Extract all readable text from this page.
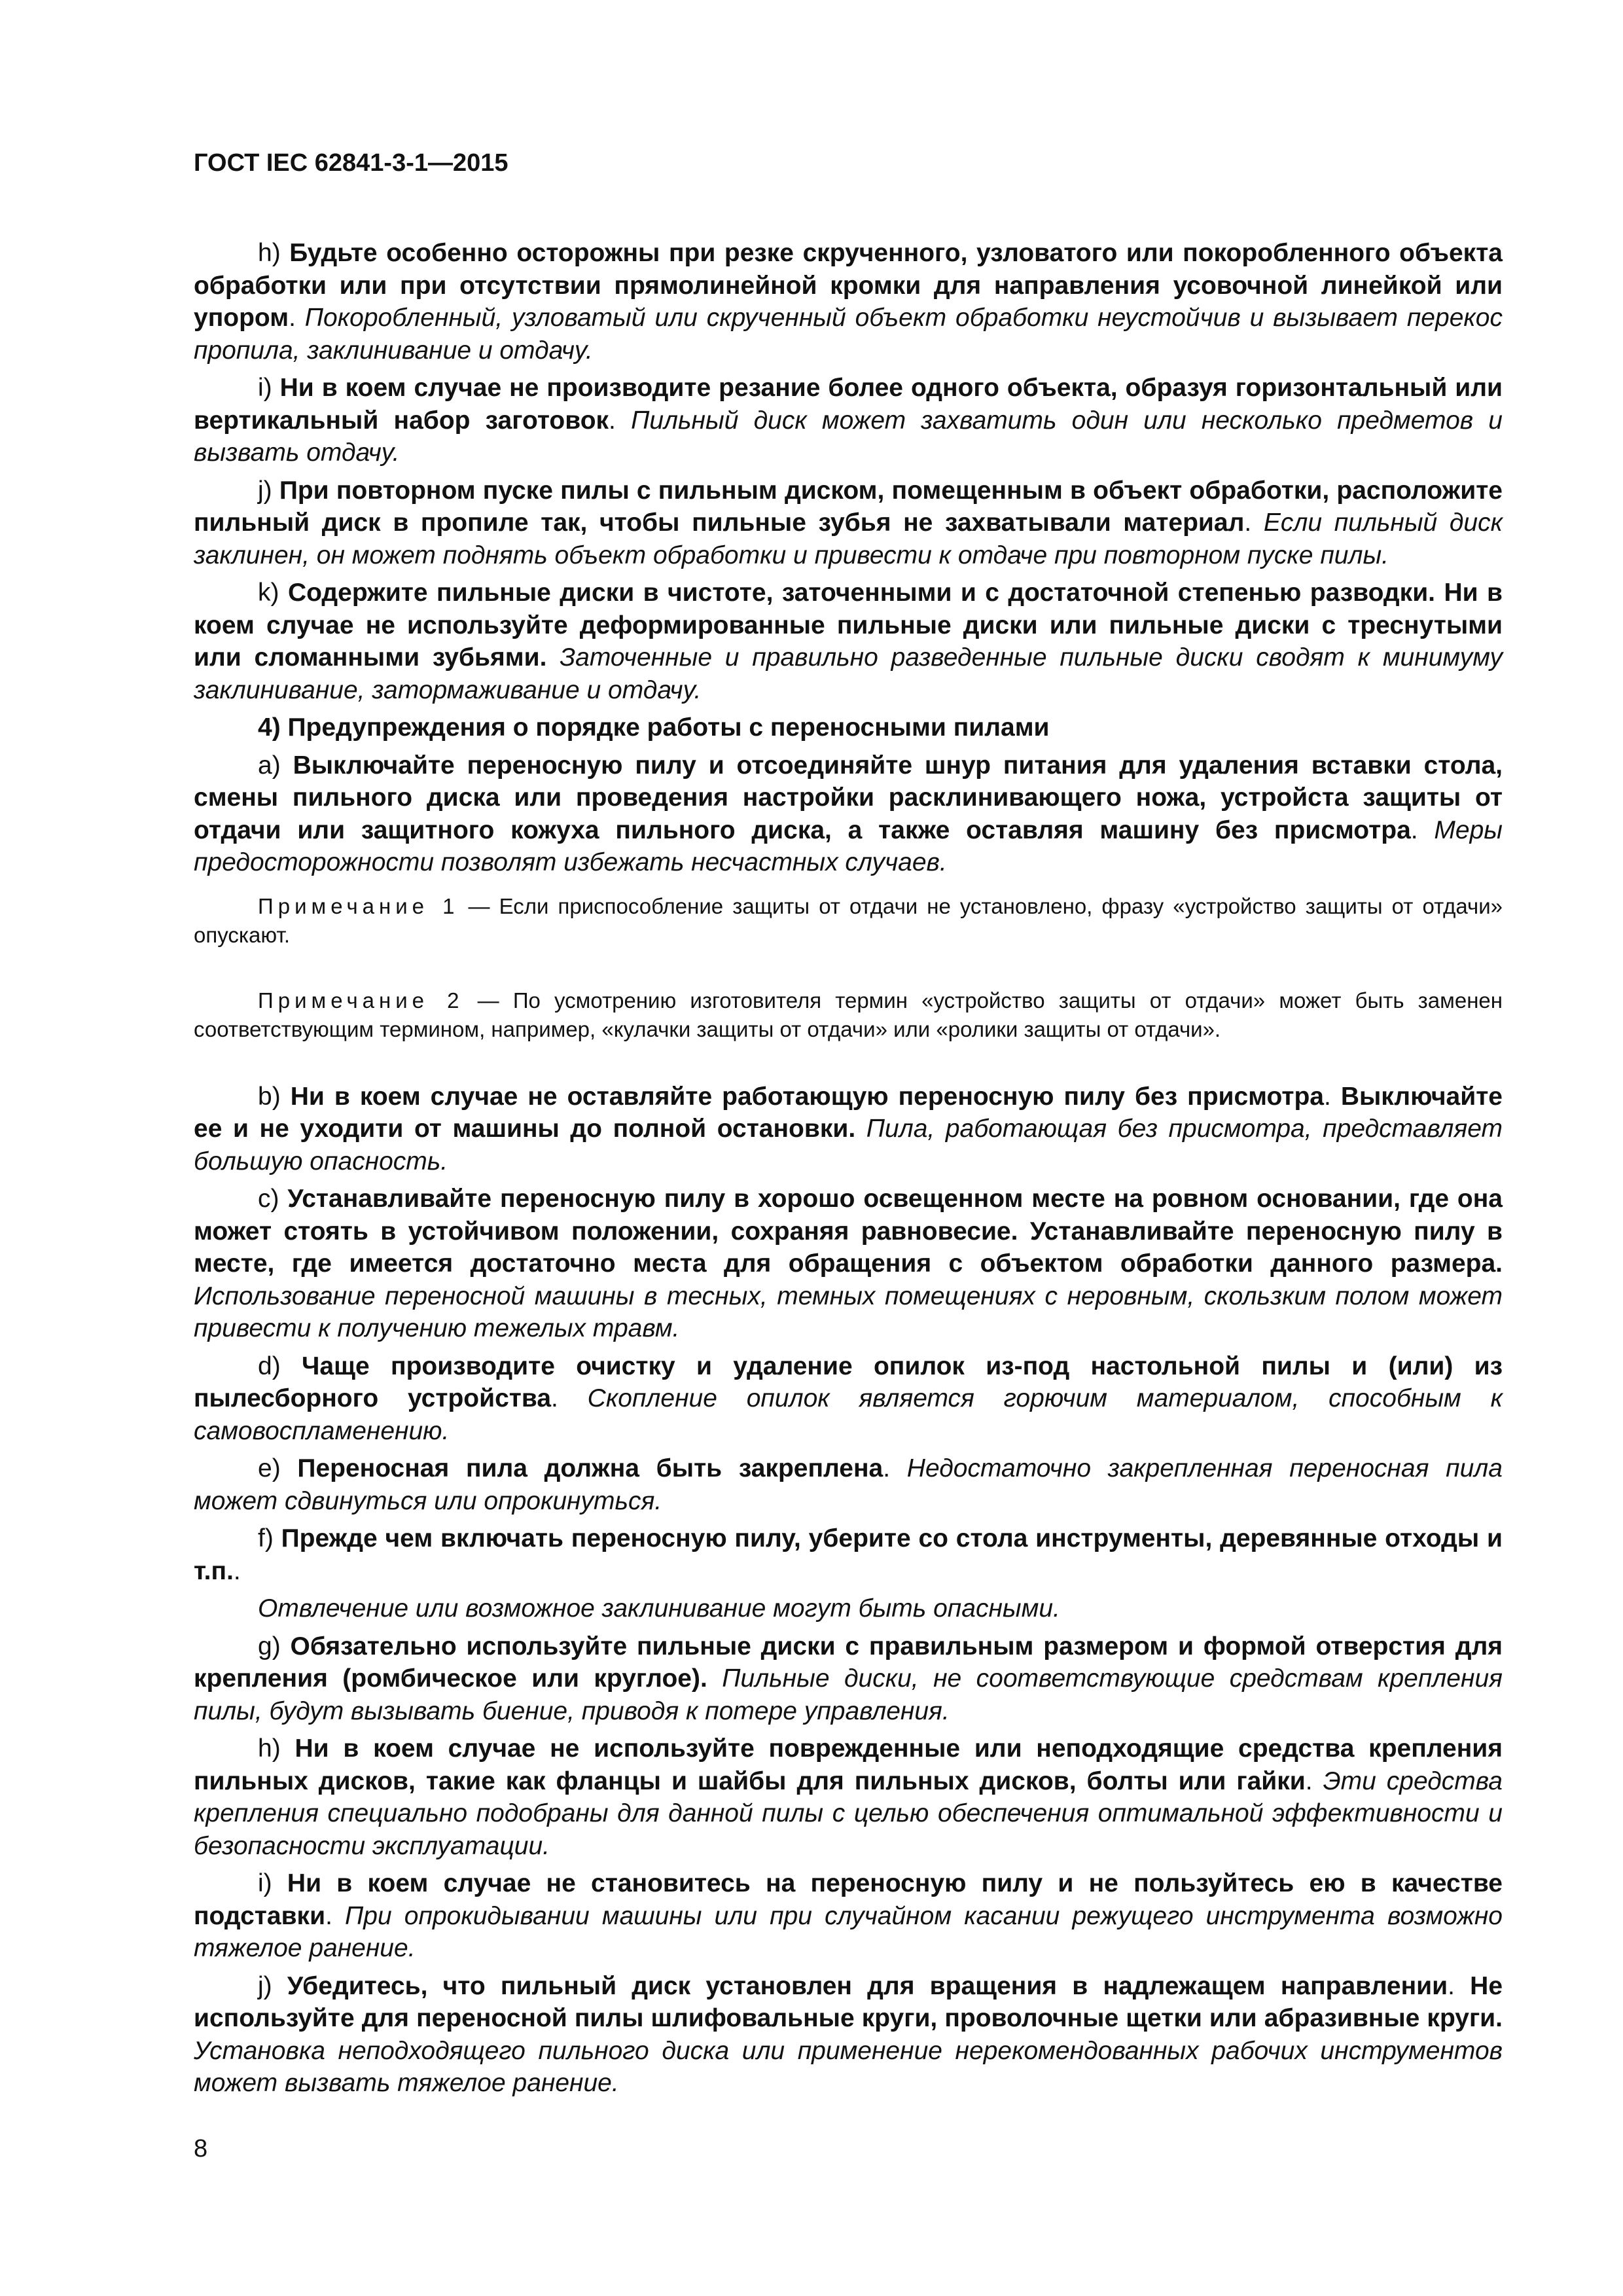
ГОСТ IEC 62841-3-1—2015

h) Будьте особенно осторожны при резке скрученного, узловатого или покоробленного объекта обработки или при отсутствии прямолинейной кромки для направления усовочной линейкой или упором. Покоробленный, узловатый или скрученный объект обработки неустойчив и вызывает перекос пропила, заклинивание и отдачу.

i) Ни в коем случае не производите резание более одного объекта, образуя горизонтальный или вертикальный набор заготовок. Пильный диск может захватить один или несколько предметов и вызвать отдачу.

j) При повторном пуске пилы с пильным диском, помещенным в объект обработки, расположите пильный диск в пропиле так, чтобы пильные зубья не захватывали материал. Если пильный диск заклинен, он может поднять объект обработки и привести к отдаче при повторном пуске пилы.

k) Содержите пильные диски в чистоте, заточенными и с достаточной степенью разводки. Ни в коем случае не используйте деформированные пильные диски или пильные диски с треснутыми или сломанными зубьями. Заточенные и правильно разведенные пильные диски сводят к минимуму заклинивание, затормаживание и отдачу.

4) Предупреждения о порядке работы с переносными пилами

a) Выключайте переносную пилу и отсоединяйте шнур питания для удаления вставки стола, смены пильного диска или проведения настройки расклинивающего ножа, устройста защиты от отдачи или защитного кожуха пильного диска, а также оставляя машину без присмотра. Меры предосторожности позволят избежать несчастных случаев.

Примечание 1 — Если приспособление защиты от отдачи не установлено, фразу «устройство защиты от отдачи» опускают.

Примечание 2 — По усмотрению изготовителя термин «устройство защиты от отдачи» может быть заменен соответствующим термином, например, «кулачки защиты от отдачи» или «ролики защиты от отдачи».

b) Ни в коем случае не оставляйте работающую переносную пилу без присмотра. Выключайте ее и не уходити от машины до полной остановки. Пила, работающая без присмотра, представляет большую опасность.

c) Устанавливайте переносную пилу в хорошо освещенном месте на ровном основании, где она может стоять в устойчивом положении, сохраняя равновесие. Устанавливайте переносную пилу в месте, где имеется достаточно места для обращения с объектом обработки данного размера. Использование переносной машины в тесных, темных помещениях с неровным, скользким полом может привести к получению тежелых травм.

d) Чаще производите очистку и удаление опилок из-под настольной пилы и (или) из пылесборного устройства. Скопление опилок является горючим материалом, способным к самовоспламенению.

e) Переносная пила должна быть закреплена. Недостаточно закрепленная переносная пила может сдвинуться или опрокинуться.

f) Прежде чем включать переносную пилу, уберите со стола инструменты, деревянные отходы и т.п..

Отвлечение или возможное заклинивание могут быть опасными.

g) Обязательно используйте пильные диски с правильным размером и формой отверстия для крепления (ромбическое или круглое). Пильные диски, не соответствующие средствам крепления пилы, будут вызывать биение, приводя к потере управления.

h) Ни в коем случае не используйте поврежденные или неподходящие средства крепления пильных дисков, такие как фланцы и шайбы для пильных дисков, болты или гайки. Эти средства крепления специально подобраны для данной пилы с целью обеспечения оптимальной эффективности и безопасности эксплуатации.

i) Ни в коем случае не становитесь на переносную пилу и не пользуйтесь ею в качестве подставки. При опрокидывании машины или при случайном касании режущего инструмента возможно тяжелое ранение.

j) Убедитесь, что пильный диск установлен для вращения в надлежащем направлении. Не используйте для переносной пилы шлифовальные круги, проволочные щетки или абразивные круги. Установка неподходящего пильного диска или применение нерекомендованных рабочих инструментов может вызвать тяжелое ранение.

8
